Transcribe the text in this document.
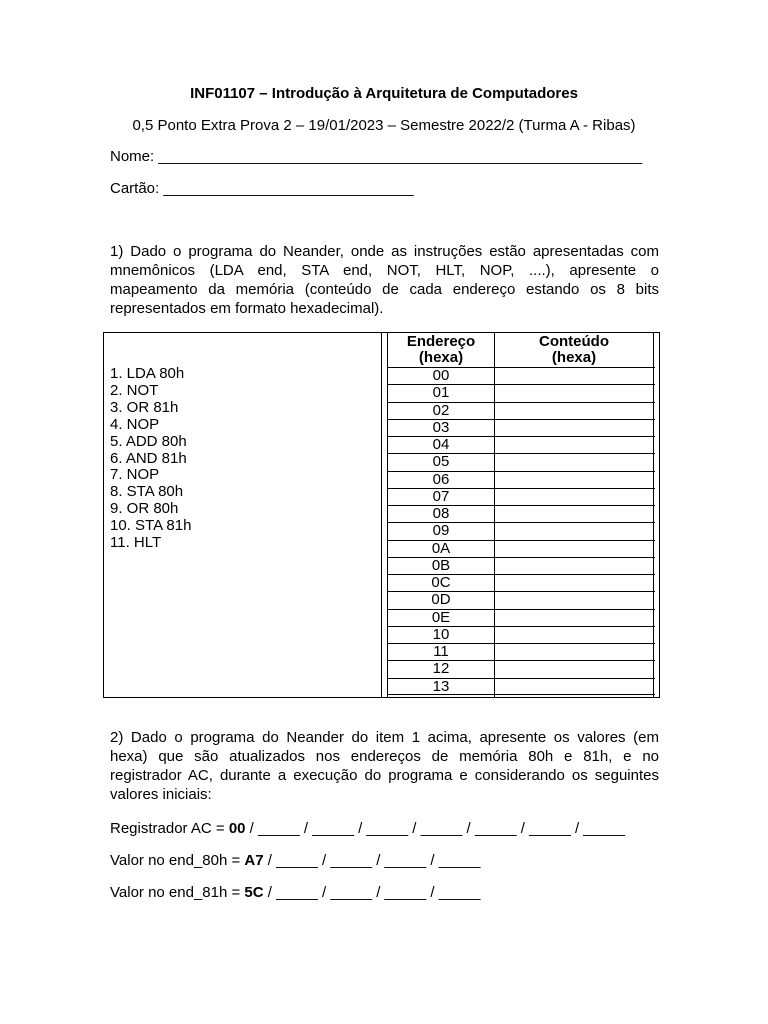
INF01107 – Introdução à Arquitetura de Computadores
0,5 Ponto Extra Prova 2 – 19/01/2023 – Semestre 2022/2 (Turma A - Ribas)
Nome: __________________________________________________________
Cartão: ______________________________
1) Dado o programa do Neander, onde as instruções estão apresentadas com
mnemônicos (LDA end, STA end, NOT, HLT, NOP, ....), apresente o
mapeamento da memória (conteúdo de cada endereço estando os 8 bits
representados em formato hexadecimal).
1. LDA 80h
2. NOT
3. OR 81h
4. NOP
5. ADD 80h
6. AND 81h
7. NOP
8. STA 80h
9. OR 80h
10. STA 81h
11. HLT
Endereço
(hexa)
Conteúdo
(hexa)
00
01
02
03
04
05
06
07
08
09
0A
0B
0C
0D
0E
10
11
12
13
2) Dado o programa do Neander do item 1 acima, apresente os valores (em
hexa) que são atualizados nos endereços de memória 80h e 81h, e no
registrador AC, durante a execução do programa e considerando os seguintes
valores iniciais:
Registrador AC = 00 / _____ / _____ / _____ / _____ / _____ / _____ / _____
Valor no end_80h = A7 / _____ / _____ / _____ / _____
Valor no end_81h = 5C / _____ / _____ / _____ / _____
